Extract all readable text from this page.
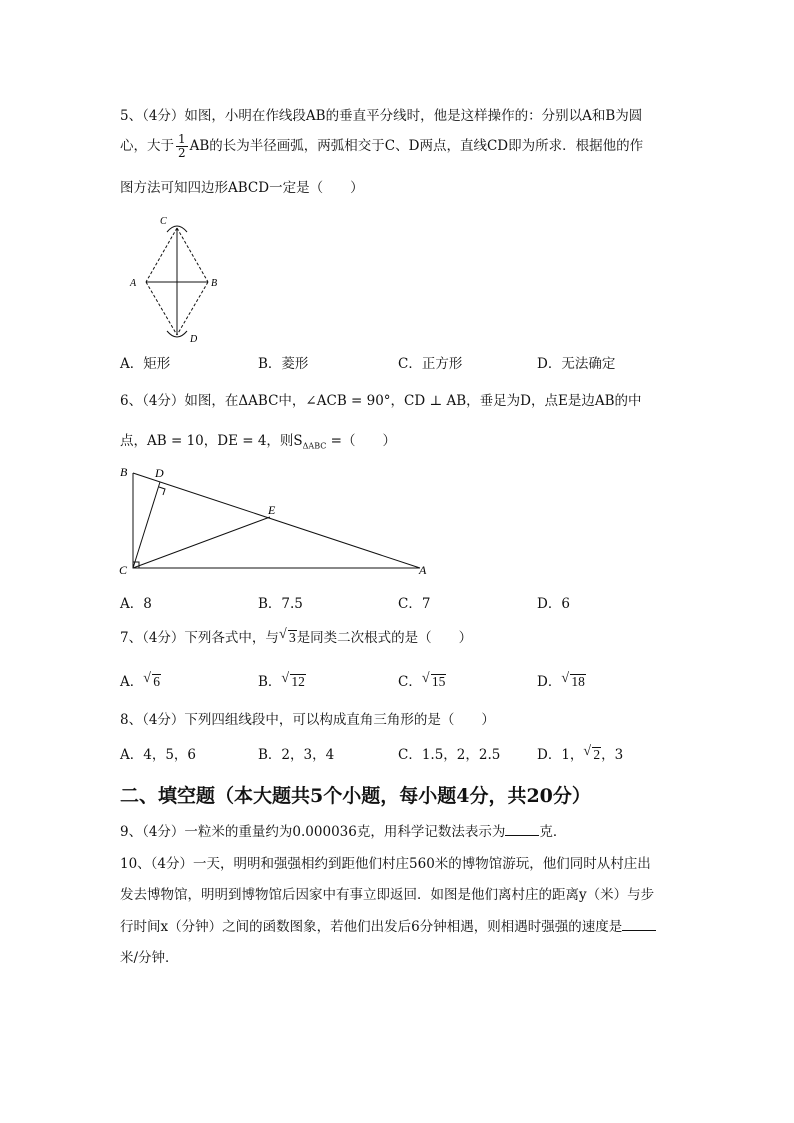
5、（4分）如图，小明在作线段AB的垂直平分线时，他是这样操作的：分别以A和B为圆
心，大于 $\frac{1}{2}$ AB的长为半径画弧，两弧相交于C、D两点，直线CD即为所求．根据他的作
图方法可知四边形ABCD一定是（　　）
C
A	B
D
A．矩形	B．菱形	C．正方形	D．无法确定
6、（4分）如图，在ΔABC中，∠ACB = 90°，CD ⊥ AB，垂足为D，点E是边AB的中
点，AB = 10，DE = 4，则$S_{\Delta ABC}$ =（　　）
B D
E
C	A
A．8	B．7.5	C．7	D．6
7、（4分）下列各式中，与 √ 3是同类二次根式的是（　　）
A． √ 6	B． √ 12	C． √ 15	D． √ 18
8、（4分）下列四组线段中，可以构成直角三角形的是（　　）
A．4，5，6	B．2，3，4	C．1.5，2，2.5	D．1， √ 2，3
二、填空题（本大题共5个小题，每小题4分，共20分）
9、（4分）一粒米的重量约为0.000036克，用科学记数法表示为	克．
10、（4分）一天，明明和强强相约到距他们村庄560米的博物馆游玩，他们同时从村庄出
发去博物馆，明明到博物馆后因家中有事立即返回．如图是他们离村庄的距离y（米）与步
行时间x（分钟）之间的函数图象，若他们出发后6分钟相遇，则相遇时强强的速度是
米/分钟．
